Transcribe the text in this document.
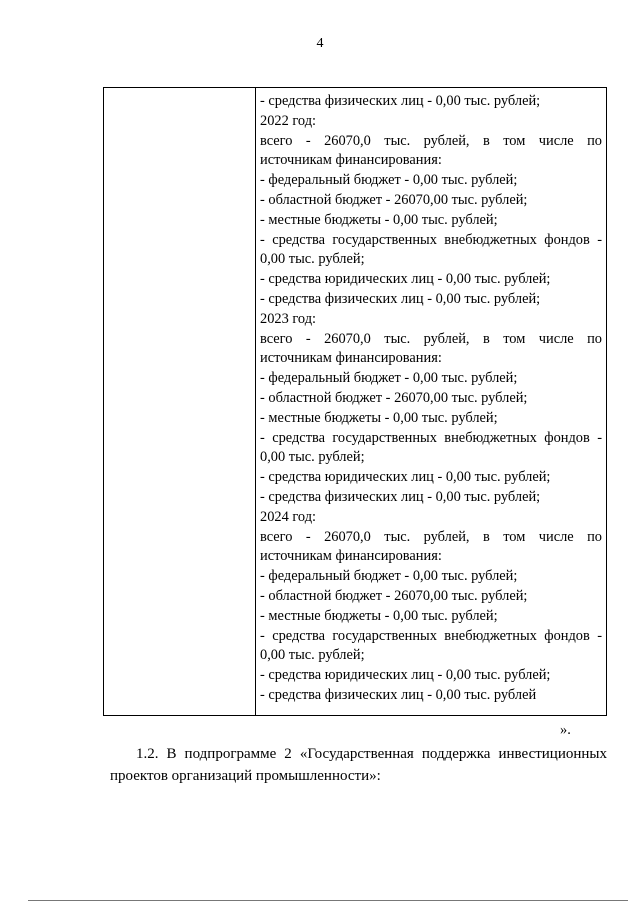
4
- средства физических лиц - 0,00 тыс. рублей;
2022 год:
всего - 26070,0 тыс. рублей, в том числе по
источникам финансирования:
- федеральный бюджет - 0,00 тыс. рублей;
- областной бюджет - 26070,00 тыс. рублей;
- местные бюджеты - 0,00 тыс. рублей;
- средства государственных внебюджетных фондов -
0,00 тыс. рублей;
- средства юридических лиц - 0,00 тыс. рублей;
- средства физических лиц - 0,00 тыс. рублей;
2023 год:
всего - 26070,0 тыс. рублей, в том числе по
источникам финансирования:
- федеральный бюджет - 0,00 тыс. рублей;
- областной бюджет - 26070,00 тыс. рублей;
- местные бюджеты - 0,00 тыс. рублей;
- средства государственных внебюджетных фондов -
0,00 тыс. рублей;
- средства юридических лиц - 0,00 тыс. рублей;
- средства физических лиц - 0,00 тыс. рублей;
2024 год:
всего - 26070,0 тыс. рублей, в том числе по
источникам финансирования:
- федеральный бюджет - 0,00 тыс. рублей;
- областной бюджет - 26070,00 тыс. рублей;
- местные бюджеты - 0,00 тыс. рублей;
- средства государственных внебюджетных фондов -
0,00 тыс. рублей;
- средства юридических лиц - 0,00 тыс. рублей;
- средства физических лиц - 0,00 тыс. рублей
».
1.2. В подпрограмме 2 «Государственная поддержка инвестиционных
проектов организаций промышленности»:
